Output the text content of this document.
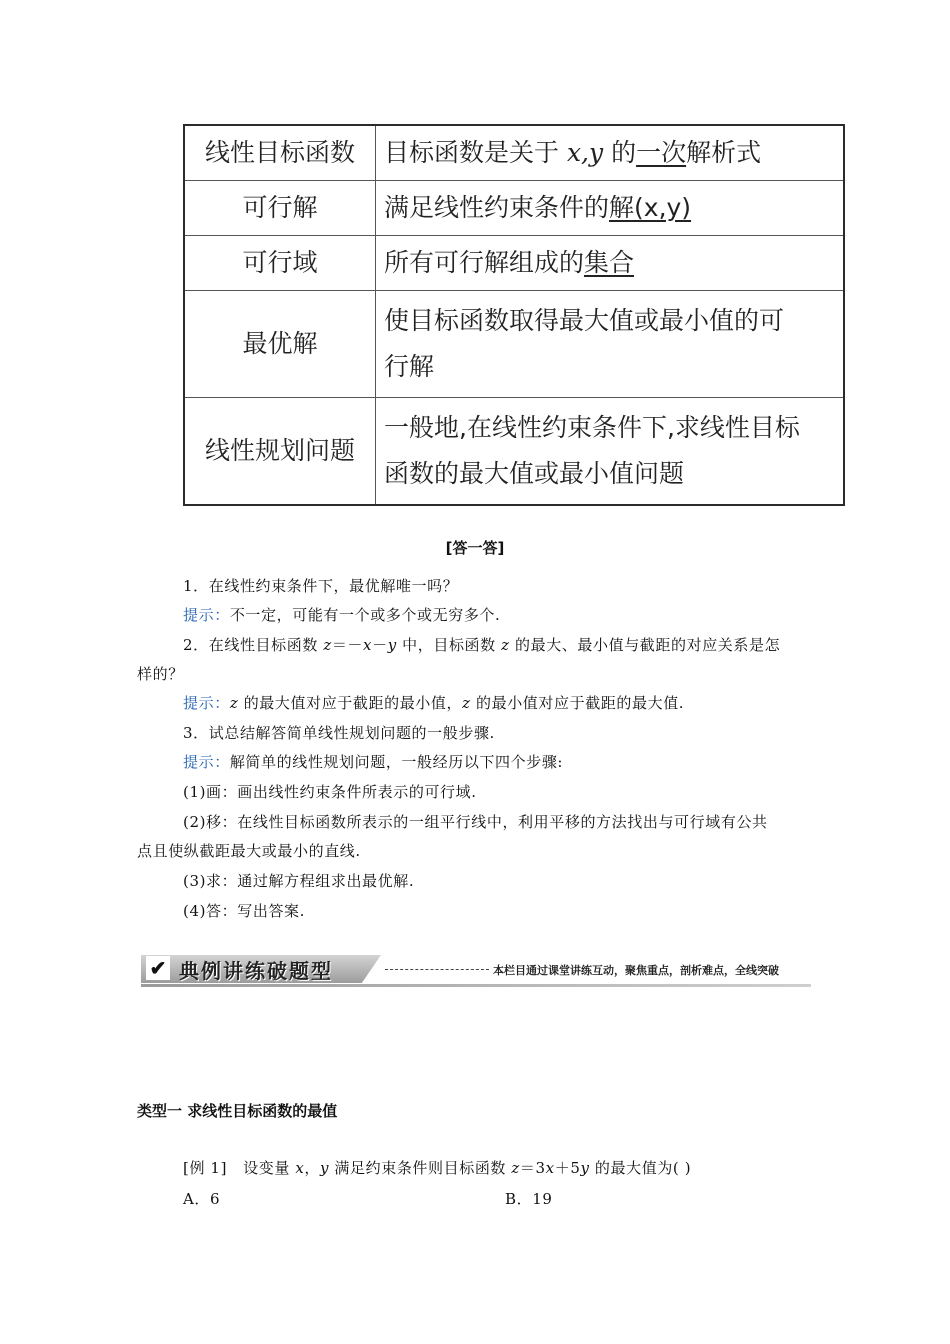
线性目标函数	目标函数是关于 x,y 的一次解析式
可行解	满足线性约束条件的解(x,y)
可行域	所有可行解组成的集合
最优解	使目标函数取得最大值或最小值的可
行解
线性规划问题	一般地,在线性约束条件下,求线性目标
函数的最大值或最小值问题
[答一答]
1．在线性约束条件下，最优解唯一吗？
提示：不一定，可能有一个或多个或无穷多个.
2．在线性目标函数 z＝－x－y 中，目标函数 z 的最大、最小值与截距的对应关系是怎
样的？
提示：z 的最大值对应于截距的最小值，z 的最小值对应于截距的最大值.
3．试总结解答简单线性规划问题的一般步骤.
提示：解简单的线性规划问题，一般经历以下四个步骤:
(1)画：画出线性约束条件所表示的可行域.
(2)移：在线性目标函数所表示的一组平行线中，利用平移的方法找出与可行域有公共
点且使纵截距最大或最小的直线.
(3)求：通过解方程组求出最优解.
(4)答：写出答案.
✔ 典例讲练破题型	本栏目通过课堂讲练互动，聚焦重点，剖析难点，全线突破
类型一 求线性目标函数的最值
[例 1] 设变量 x，y 满足约束条件则目标函数 z＝3x＋5y 的最大值为( )
A．6	B．19
